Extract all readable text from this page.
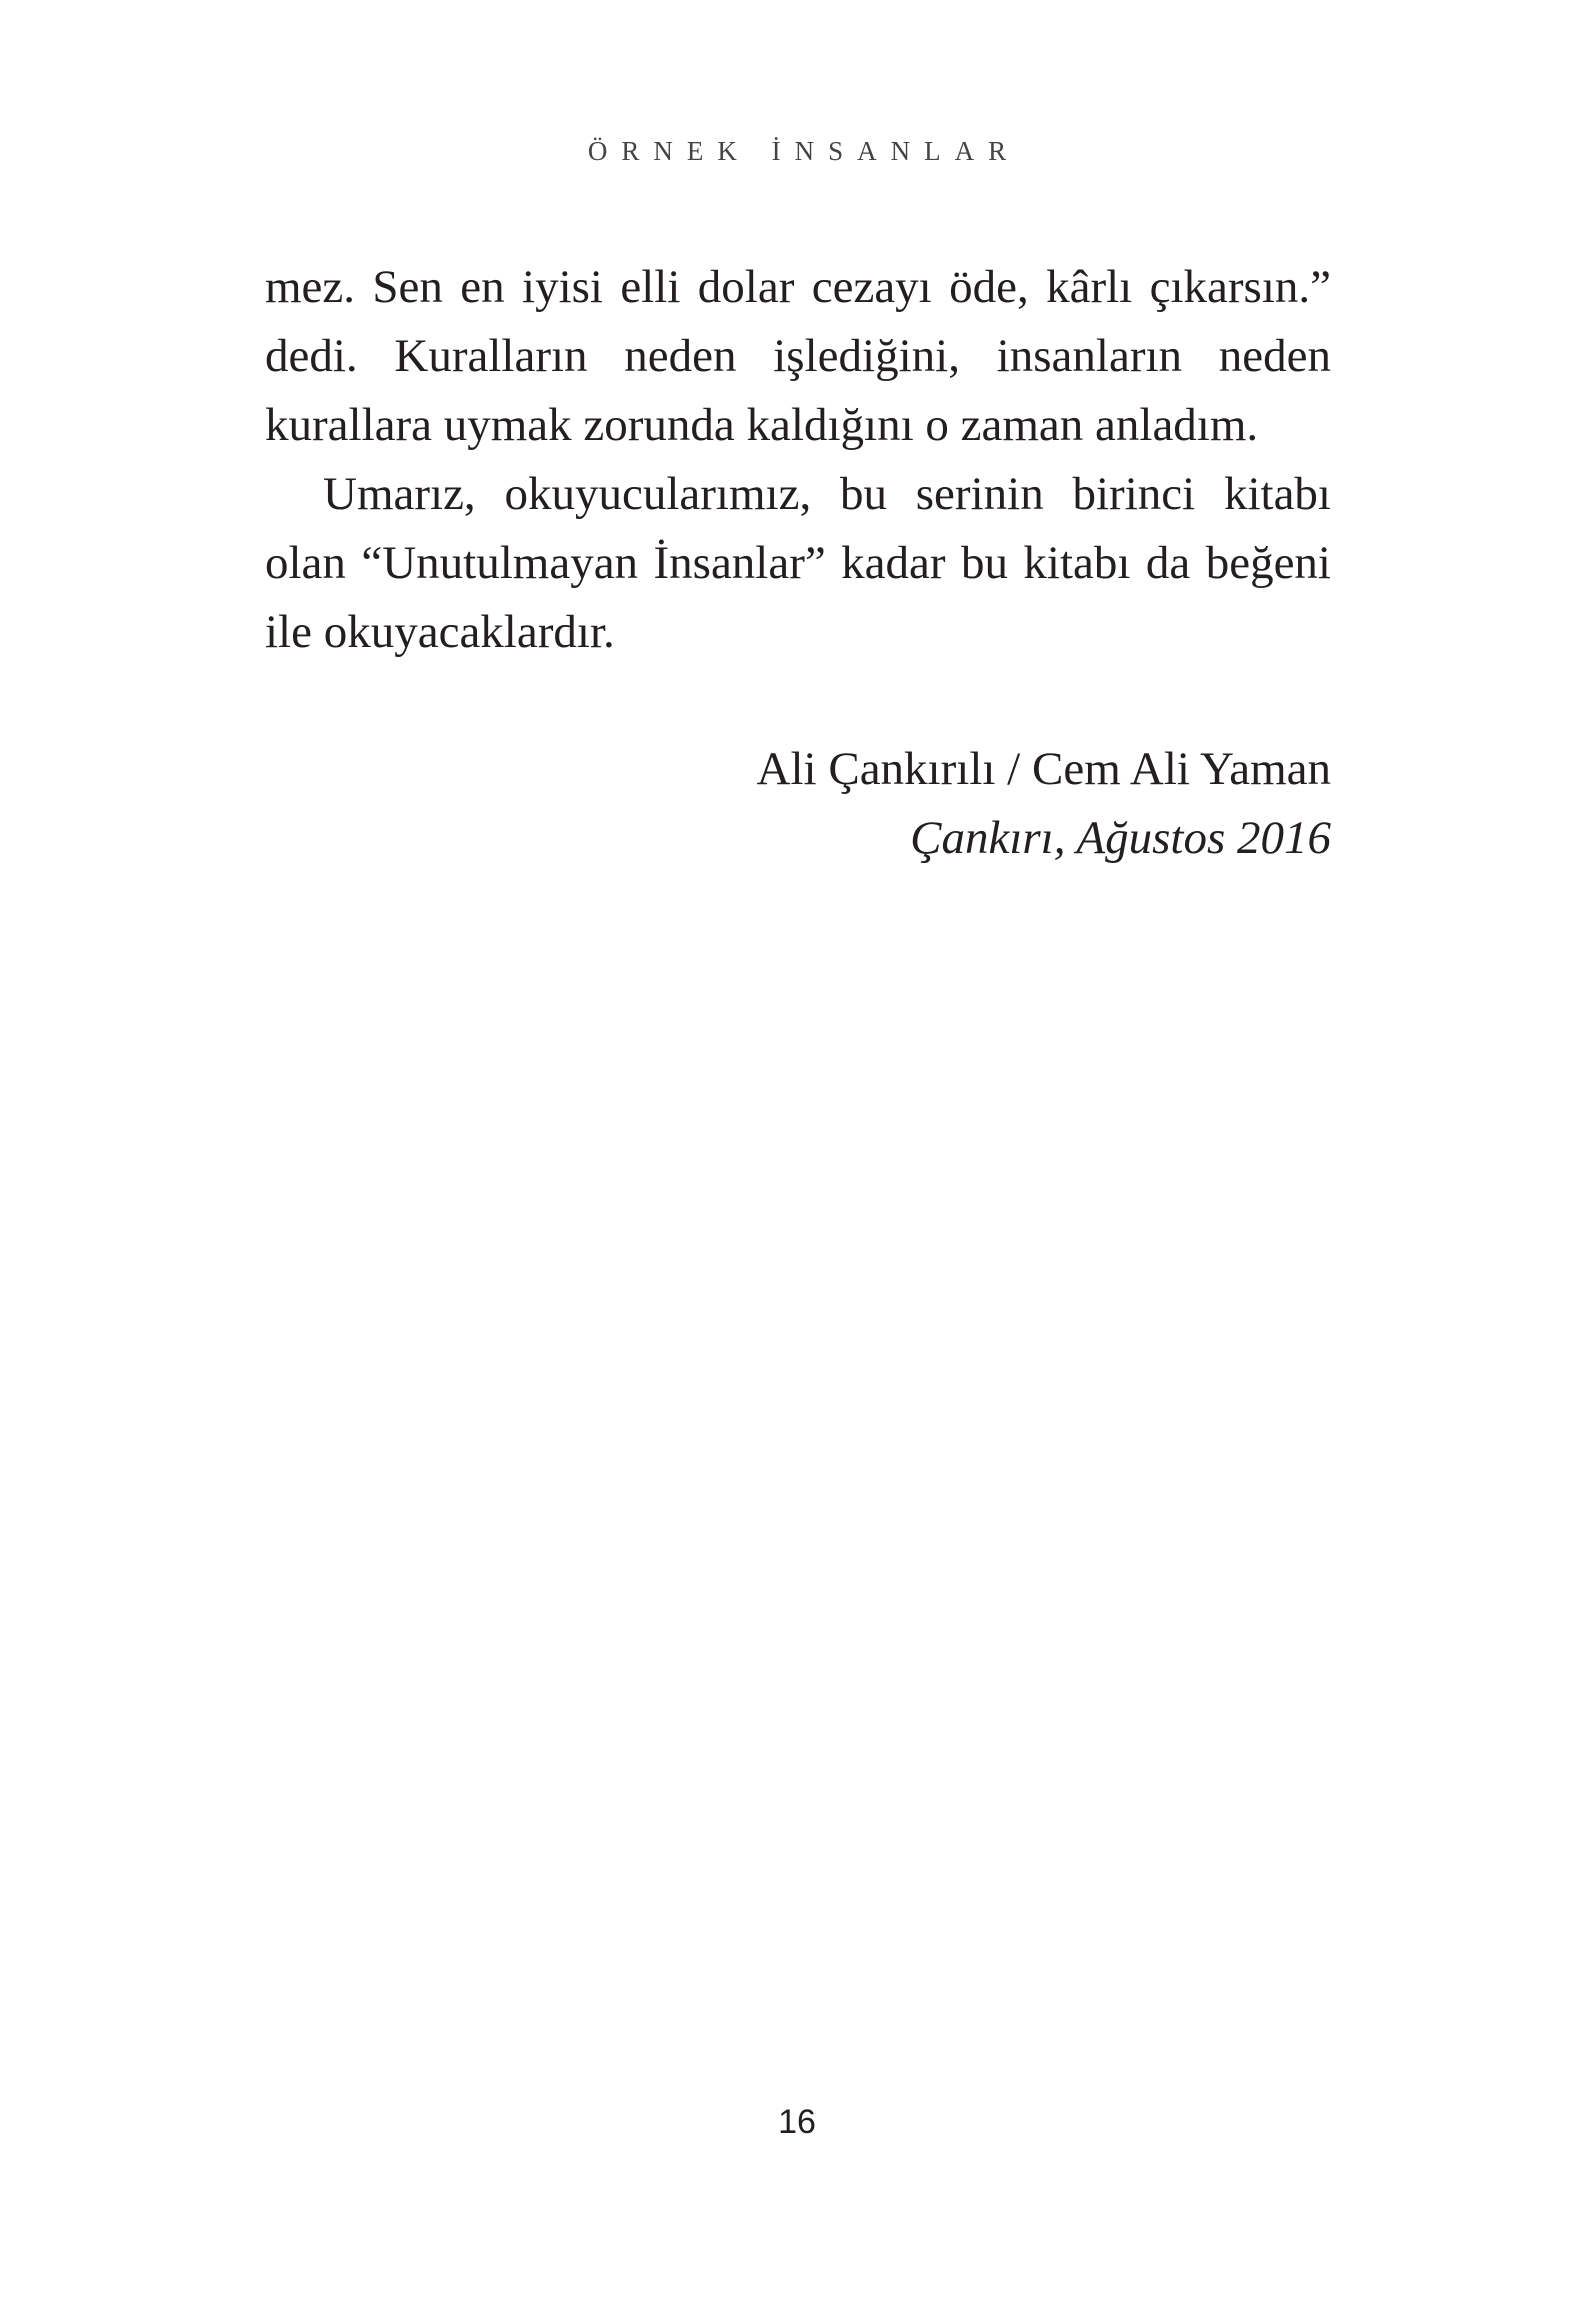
ÖRNEK İNSANLAR

mez. Sen en iyisi elli dolar cezayı öde, kârlı çıkarsın.” dedi. Kuralların neden işlediğini, insanların neden kurallara uymak zorunda kaldığını o zaman anladım.

Umarız, okuyucularımız, bu serinin birinci kitabı olan “Unutulmayan İnsanlar” kadar bu kitabı da beğeni ile okuyacaklardır.

Ali Çankırılı / Cem Ali Yaman
Çankırı, Ağustos 2016
16
